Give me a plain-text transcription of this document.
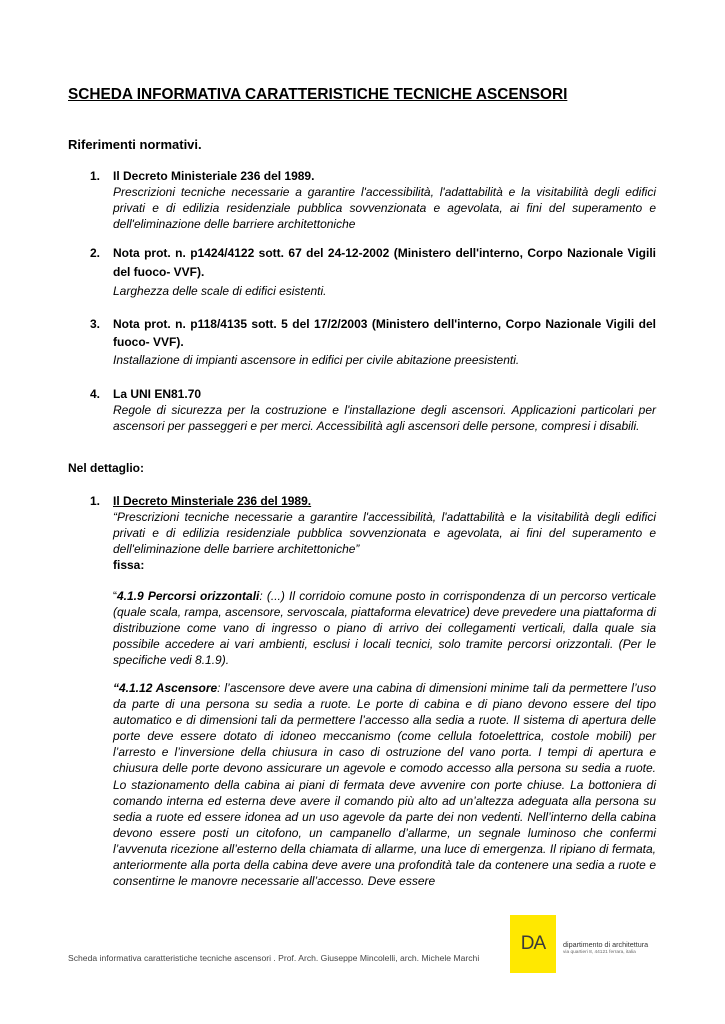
SCHEDA INFORMATIVA CARATTERISTICHE TECNICHE ASCENSORI
Riferimenti normativi.
1. Il Decreto Ministeriale 236 del 1989.
Prescrizioni tecniche necessarie a garantire l'accessibilità, l'adattabilità e la visitabilità degli edifici privati e di edilizia residenziale pubblica sovvenzionata e agevolata, ai fini del superamento e dell'eliminazione delle barriere architettoniche
2. Nota prot. n. p1424/4122 sott. 67 del 24-12-2002 (Ministero dell'interno, Corpo Nazionale Vigili del fuoco- VVF).
Larghezza delle scale di edifici esistenti.
3. Nota prot. n. p118/4135 sott. 5 del 17/2/2003 (Ministero dell'interno, Corpo Nazionale Vigili del fuoco- VVF).
Installazione di impianti ascensore in edifici per civile abitazione preesistenti.
4. La UNI EN81.70
Regole di sicurezza per la costruzione e l'installazione degli ascensori. Applicazioni particolari per ascensori per passeggeri e per merci. Accessibilità agli ascensori delle persone, compresi i disabili.
Nel dettaglio:
1. Il Decreto Minsteriale 236 del 1989.
“Prescrizioni tecniche necessarie a garantire l'accessibilità, l'adattabilità e la visitabilità degli edifici privati e di edilizia residenziale pubblica sovvenzionata e agevolata, ai fini del superamento e dell'eliminazione delle barriere architettoniche”
fissa:
“4.1.9 Percorsi orizzontali: (...) Il corridoio comune posto in corrispondenza di un percorso verticale (quale scala, rampa, ascensore, servoscala, piattaforma elevatrice) deve prevedere una piattaforma di distribuzione come vano di ingresso o piano di arrivo dei collegamenti verticali, dalla quale sia possibile accedere ai vari ambienti, esclusi i locali tecnici, solo tramite percorsi orizzontali. (Per le specifiche vedi 8.1.9).
“4.1.12 Ascensore: l’ascensore deve avere una cabina di dimensioni minime tali da permettere l’uso da parte di una persona su sedia a ruote. Le porte di cabina e di piano devono essere del tipo automatico e di dimensioni tali da permettere l’accesso alla sedia a ruote. Il sistema di apertura delle porte deve essere dotato di idoneo meccanismo (come cellula fotoelettrica, costole mobili) per l’arresto e l’inversione della chiusura in caso di ostruzione del vano porta. I tempi di apertura e chiusura delle porte devono assicurare un agevole e comodo accesso alla persona su sedia a ruote. Lo stazionamento della cabina ai piani di fermata deve avvenire con porte chiuse. La bottoniera di comando interna ed esterna deve avere il comando più alto ad un’altezza adeguata alla persona su sedia a ruote ed essere idonea ad un uso agevole da parte dei non vedenti. Nell’interno della cabina devono essere posti un citofono, un campanello d’allarme, un segnale luminoso che confermi l’avvenuta ricezione all’esterno della chiamata di allarme, una luce di emergenza. Il ripiano di fermata, anteriormente alla porta della cabina deve avere una profondità tale da contenere una sedia a ruote e consentirne le manovre necessarie all’accesso. Deve essere
Scheda informativa caratteristiche tecniche ascensori . Prof. Arch. Giuseppe Mincolelli, arch. Michele Marchi
DA dipartimento di architettura
via quartieri 8, 44121 ferrara, italia
